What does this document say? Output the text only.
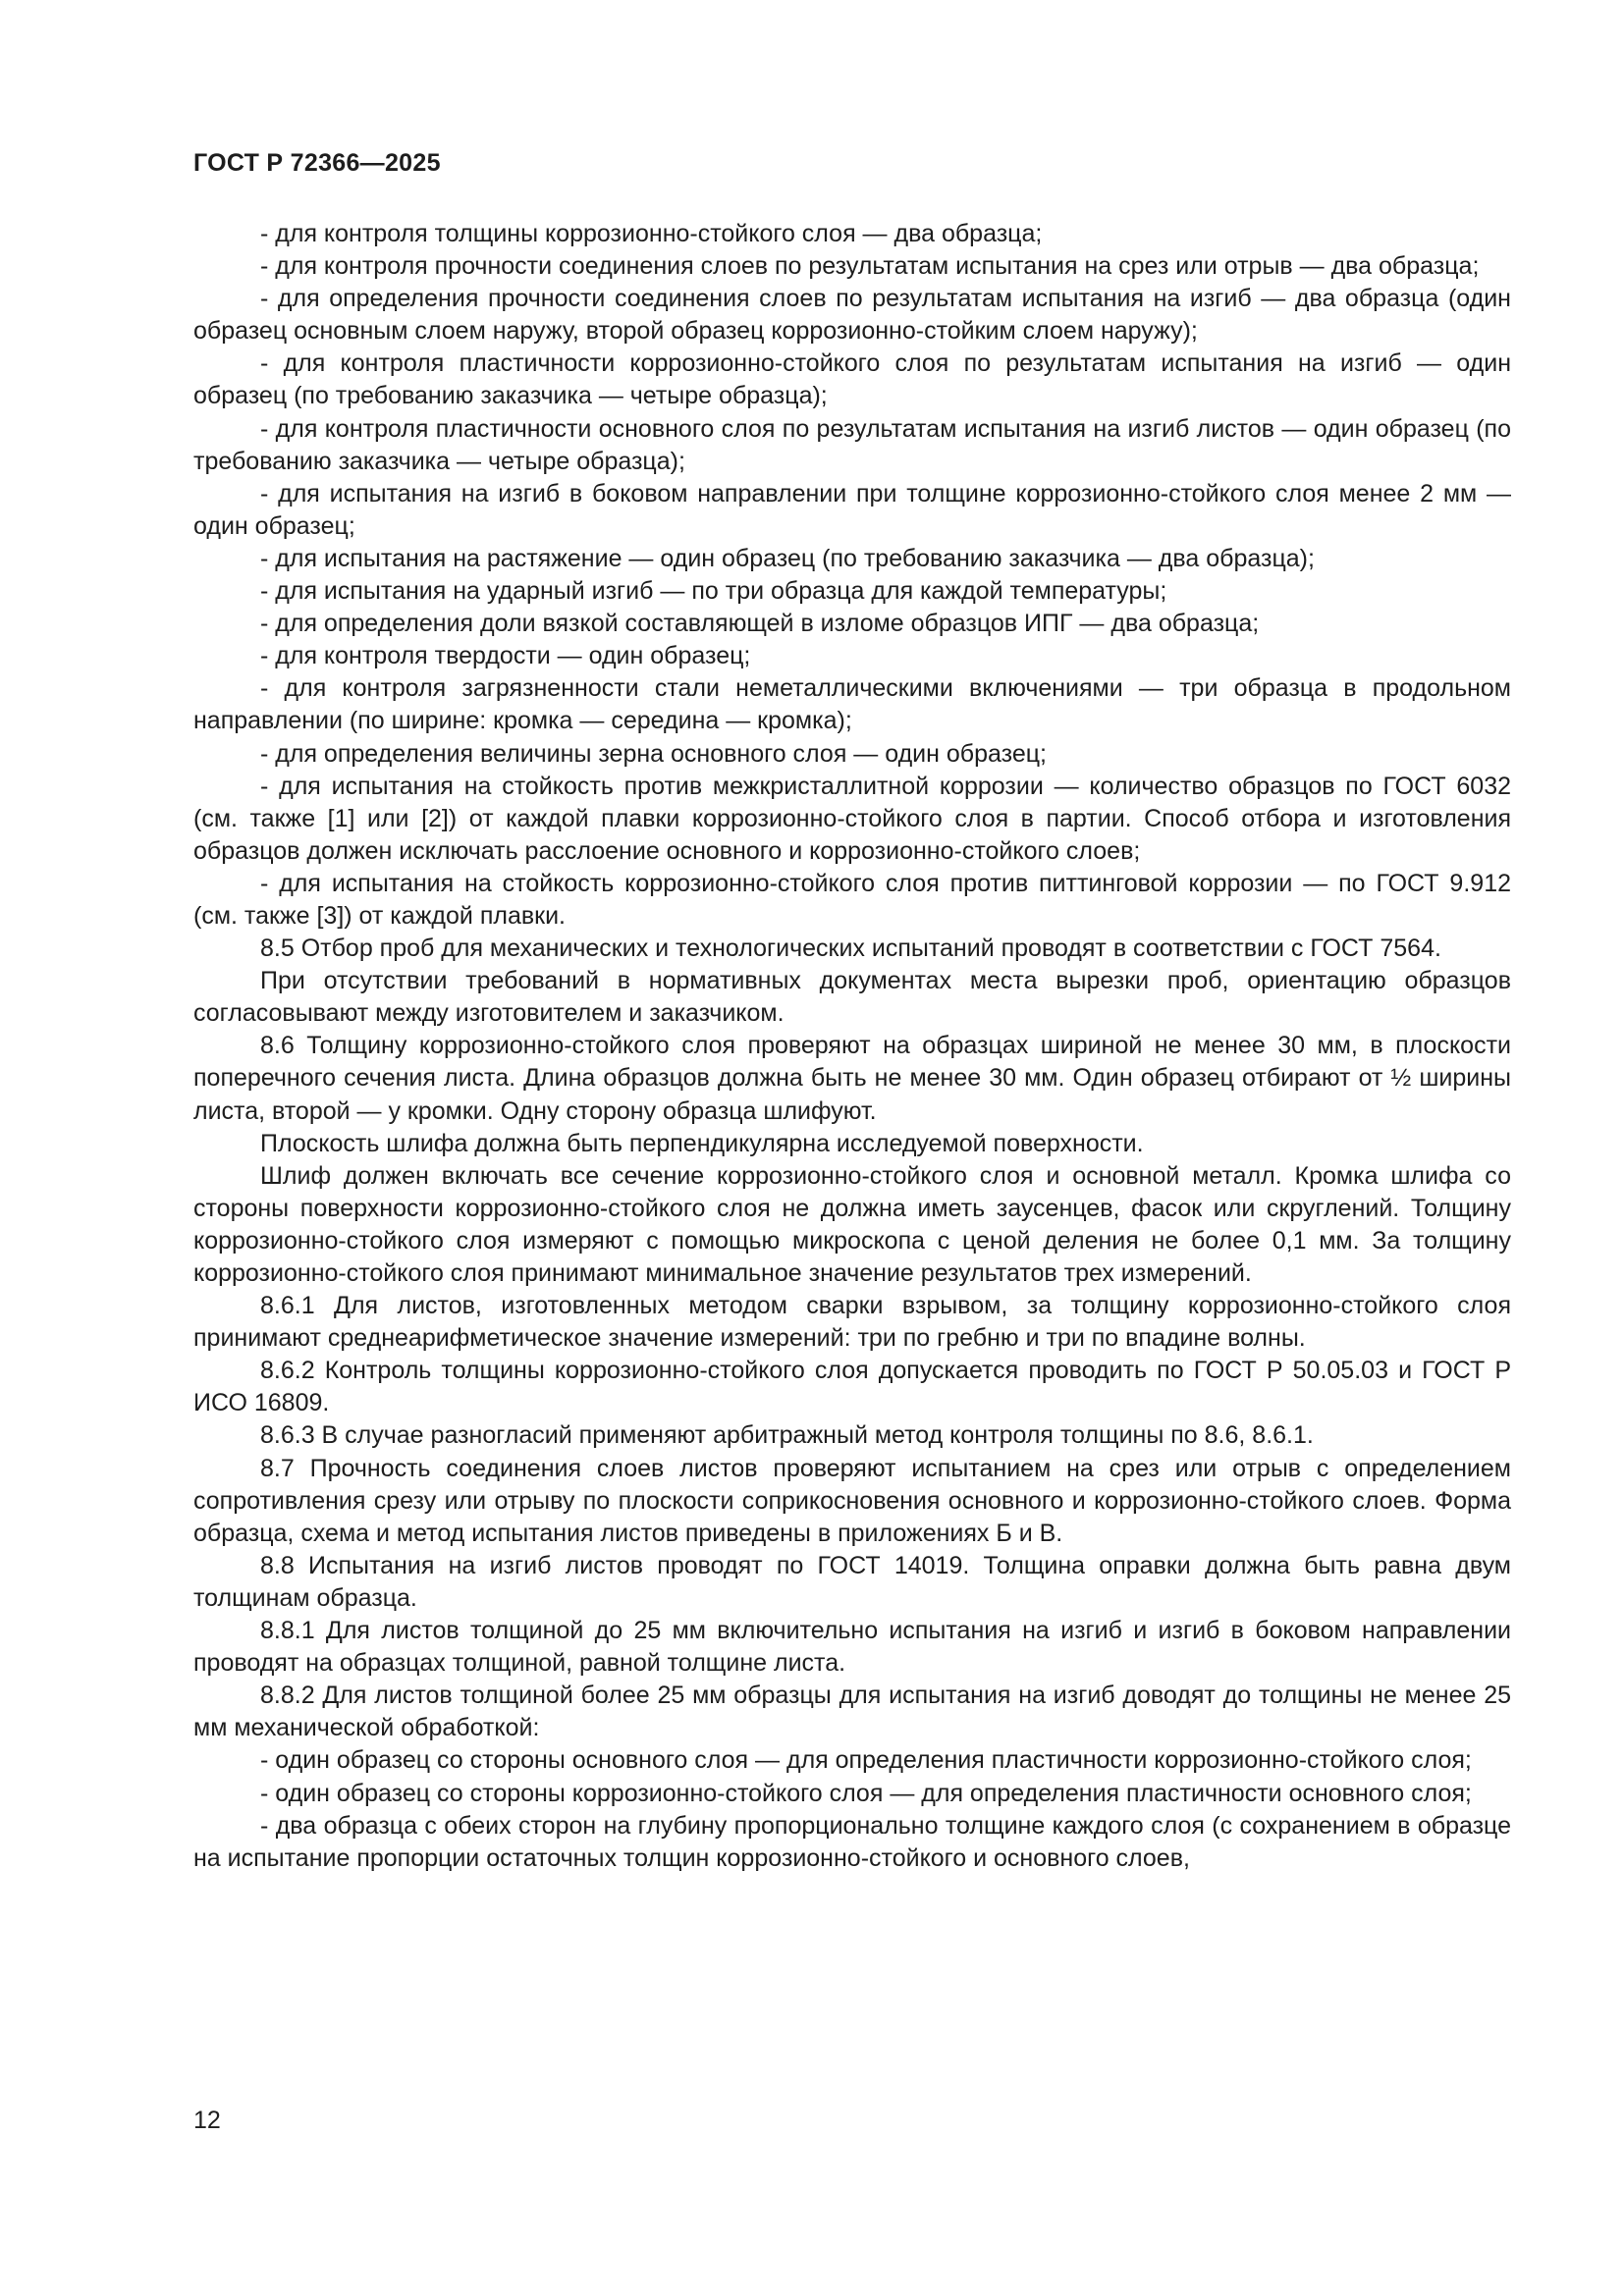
ГОСТ Р 72366—2025

- для контроля толщины коррозионно-стойкого слоя — два образца;

- для контроля прочности соединения слоев по результатам испытания на срез или отрыв — два образца;

- для определения прочности соединения слоев по результатам испытания на изгиб — два образца (один образец основным слоем наружу, второй образец коррозионно-стойким слоем наружу);

- для контроля пластичности коррозионно-стойкого слоя по результатам испытания на изгиб — один образец (по требованию заказчика — четыре образца);

- для контроля пластичности основного слоя по результатам испытания на изгиб листов — один образец (по требованию заказчика — четыре образца);

- для испытания на изгиб в боковом направлении при толщине коррозионно-стойкого слоя менее 2 мм — один образец;

- для испытания на растяжение — один образец (по требованию заказчика — два образца);

- для испытания на ударный изгиб — по три образца для каждой температуры;

- для определения доли вязкой составляющей в изломе образцов ИПГ — два образца;

- для контроля твердости — один образец;

- для контроля загрязненности стали неметаллическими включениями — три образца в продольном направлении (по ширине: кромка — середина — кромка);

- для определения величины зерна основного слоя — один образец;

- для испытания на стойкость против межкристаллитной коррозии — количество образцов по ГОСТ 6032 (см. также [1] или [2]) от каждой плавки коррозионно-стойкого слоя в партии. Способ отбора и изготовления образцов должен исключать расслоение основного и коррозионно-стойкого слоев;

- для испытания на стойкость коррозионно-стойкого слоя против питтинговой коррозии — по ГОСТ 9.912 (см. также [3]) от каждой плавки.

8.5 Отбор проб для механических и технологических испытаний проводят в соответствии с ГОСТ 7564.

При отсутствии требований в нормативных документах места вырезки проб, ориентацию образцов согласовывают между изготовителем и заказчиком.

8.6 Толщину коррозионно-стойкого слоя проверяют на образцах шириной не менее 30 мм, в плоскости поперечного сечения листа. Длина образцов должна быть не менее 30 мм. Один образец отбирают от ½ ширины листа, второй — у кромки. Одну сторону образца шлифуют.

Плоскость шлифа должна быть перпендикулярна исследуемой поверхности.

Шлиф должен включать все сечение коррозионно-стойкого слоя и основной металл. Кромка шлифа со стороны поверхности коррозионно-стойкого слоя не должна иметь заусенцев, фасок или скруглений. Толщину коррозионно-стойкого слоя измеряют с помощью микроскопа с ценой деления не более 0,1 мм. За толщину коррозионно-стойкого слоя принимают минимальное значение результатов трех измерений.

8.6.1 Для листов, изготовленных методом сварки взрывом, за толщину коррозионно-стойкого слоя принимают среднеарифметическое значение измерений: три по гребню и три по впадине волны.

8.6.2 Контроль толщины коррозионно-стойкого слоя допускается проводить по ГОСТ Р 50.05.03 и ГОСТ Р ИСО 16809.

8.6.3 В случае разногласий применяют арбитражный метод контроля толщины по 8.6, 8.6.1.

8.7 Прочность соединения слоев листов проверяют испытанием на срез или отрыв с определением сопротивления срезу или отрыву по плоскости соприкосновения основного и коррозионно-стойкого слоев. Форма образца, схема и метод испытания листов приведены в приложениях Б и В.

8.8 Испытания на изгиб листов проводят по ГОСТ 14019. Толщина оправки должна быть равна двум толщинам образца.

8.8.1 Для листов толщиной до 25 мм включительно испытания на изгиб и изгиб в боковом направлении проводят на образцах толщиной, равной толщине листа.

8.8.2 Для листов толщиной более 25 мм образцы для испытания на изгиб доводят до толщины не менее 25 мм механической обработкой:

- один образец со стороны основного слоя — для определения пластичности коррозионно-стойкого слоя;

- один образец со стороны коррозионно-стойкого слоя — для определения пластичности основного слоя;

- два образца с обеих сторон на глубину пропорционально толщине каждого слоя (с сохранением в образце на испытание пропорции остаточных толщин коррозионно-стойкого и основного слоев,

12
